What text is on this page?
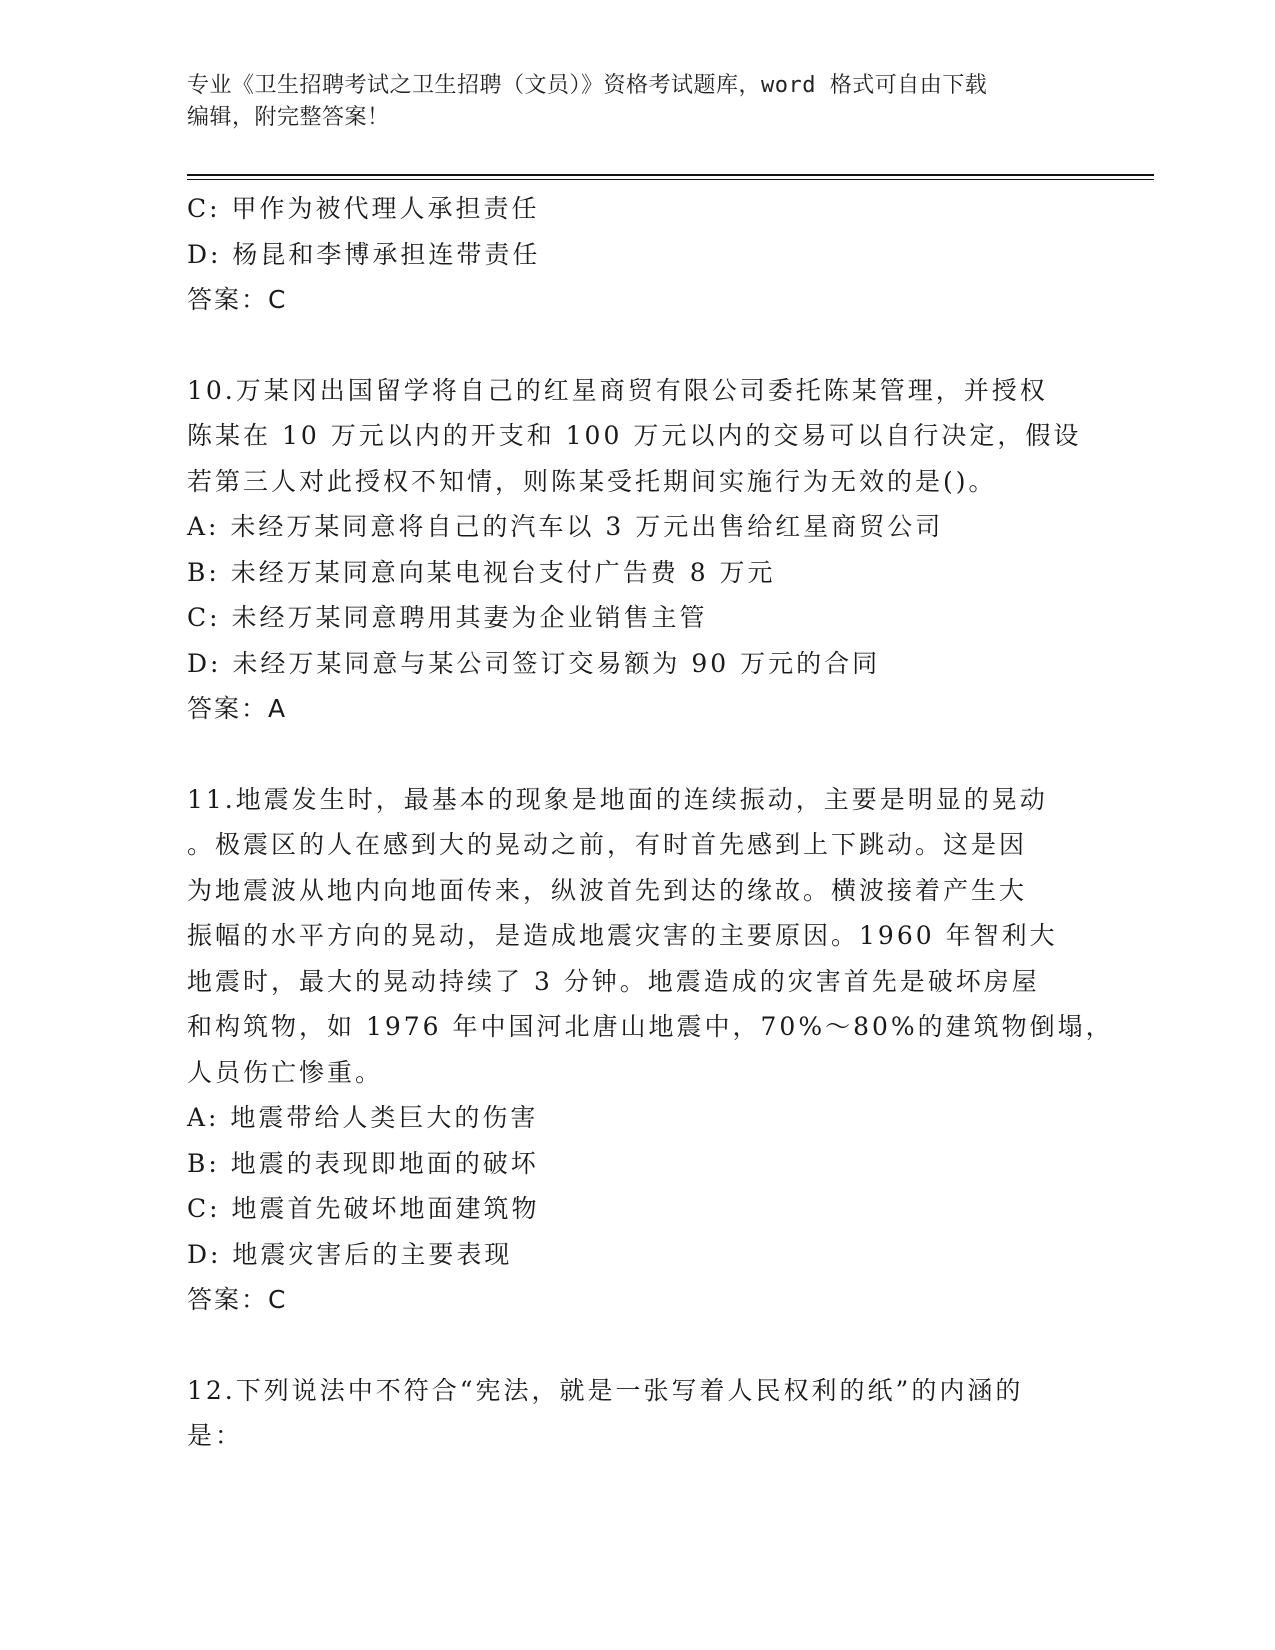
专业《卫生招聘考试之卫生招聘（文员）》资格考试题库，word 格式可自由下载
编辑，附完整答案！
C: 甲作为被代理人承担责任
D: 杨昆和李博承担连带责任
答案：C
10.万某冈出国留学将自己的红星商贸有限公司委托陈某管理，并授权
陈某在 10 万元以内的开支和 100 万元以内的交易可以自行决定，假设
若第三人对此授权不知情，则陈某受托期间实施行为无效的是()。
A: 未经万某同意将自己的汽车以 3 万元出售给红星商贸公司
B: 未经万某同意向某电视台支付广告费 8 万元
C: 未经万某同意聘用其妻为企业销售主管
D: 未经万某同意与某公司签订交易额为 90 万元的合同
答案：A
11.地震发生时，最基本的现象是地面的连续振动，主要是明显的晃动
。极震区的人在感到大的晃动之前，有时首先感到上下跳动。这是因
为地震波从地内向地面传来，纵波首先到达的缘故。横波接着产生大
振幅的水平方向的晃动，是造成地震灾害的主要原因。1960 年智利大
地震时，最大的晃动持续了 3 分钟。地震造成的灾害首先是破坏房屋
和构筑物，如 1976 年中国河北唐山地震中，70%～80%的建筑物倒塌，
人员伤亡惨重。
A: 地震带给人类巨大的伤害
B: 地震的表现即地面的破坏
C: 地震首先破坏地面建筑物
D: 地震灾害后的主要表现
答案：C
12.下列说法中不符合“宪法，就是一张写着人民权利的纸”的内涵的
是：
